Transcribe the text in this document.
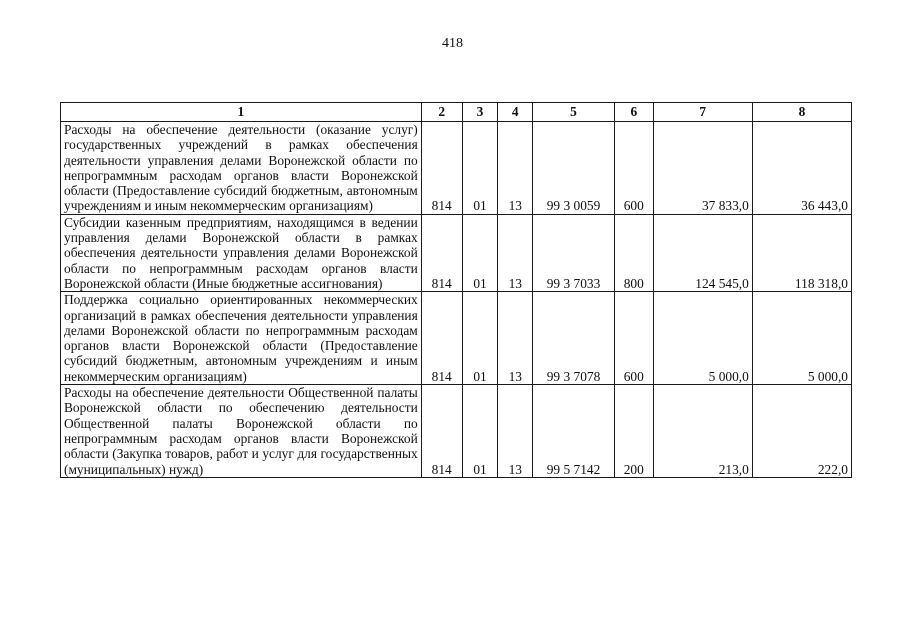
418
1	2	3	4	5	6	7	8
Расходы на обеспечение деятельности (оказание услуг) государственных учреждений в рамках обеспечения деятельности управления делами Воронежской области по непрограммным расходам органов власти Воронежской области (Предоставление субсидий бюджетным, автономным учреждениям и иным некоммерческим организациям)	814	01	13	99 3 0059	600	37 833,0	36 443,0
Субсидии казенным предприятиям, находящимся в ведении управления делами Воронежской области в рамках обеспечения деятельности управления делами Воронежской области по непрограммным расходам органов власти Воронежской области (Иные бюджетные ассигнования)	814	01	13	99 3 7033	800	124 545,0	118 318,0
Поддержка социально ориентированных некоммерческих организаций в рамках обеспечения деятельности управления делами Воронежской области по непрограммным расходам органов власти Воронежской области (Предоставление субсидий бюджетным, автономным учреждениям и иным некоммерческим организациям)	814	01	13	99 3 7078	600	5 000,0	5 000,0
Расходы на обеспечение деятельности Общественной палаты Воронежской области по обеспечению деятельности Общественной палаты Воронежской области по непрограммным расходам органов власти Воронежской области (Закупка товаров, работ и услуг для государственных (муниципальных) нужд)	814	01	13	99 5 7142	200	213,0	222,0
